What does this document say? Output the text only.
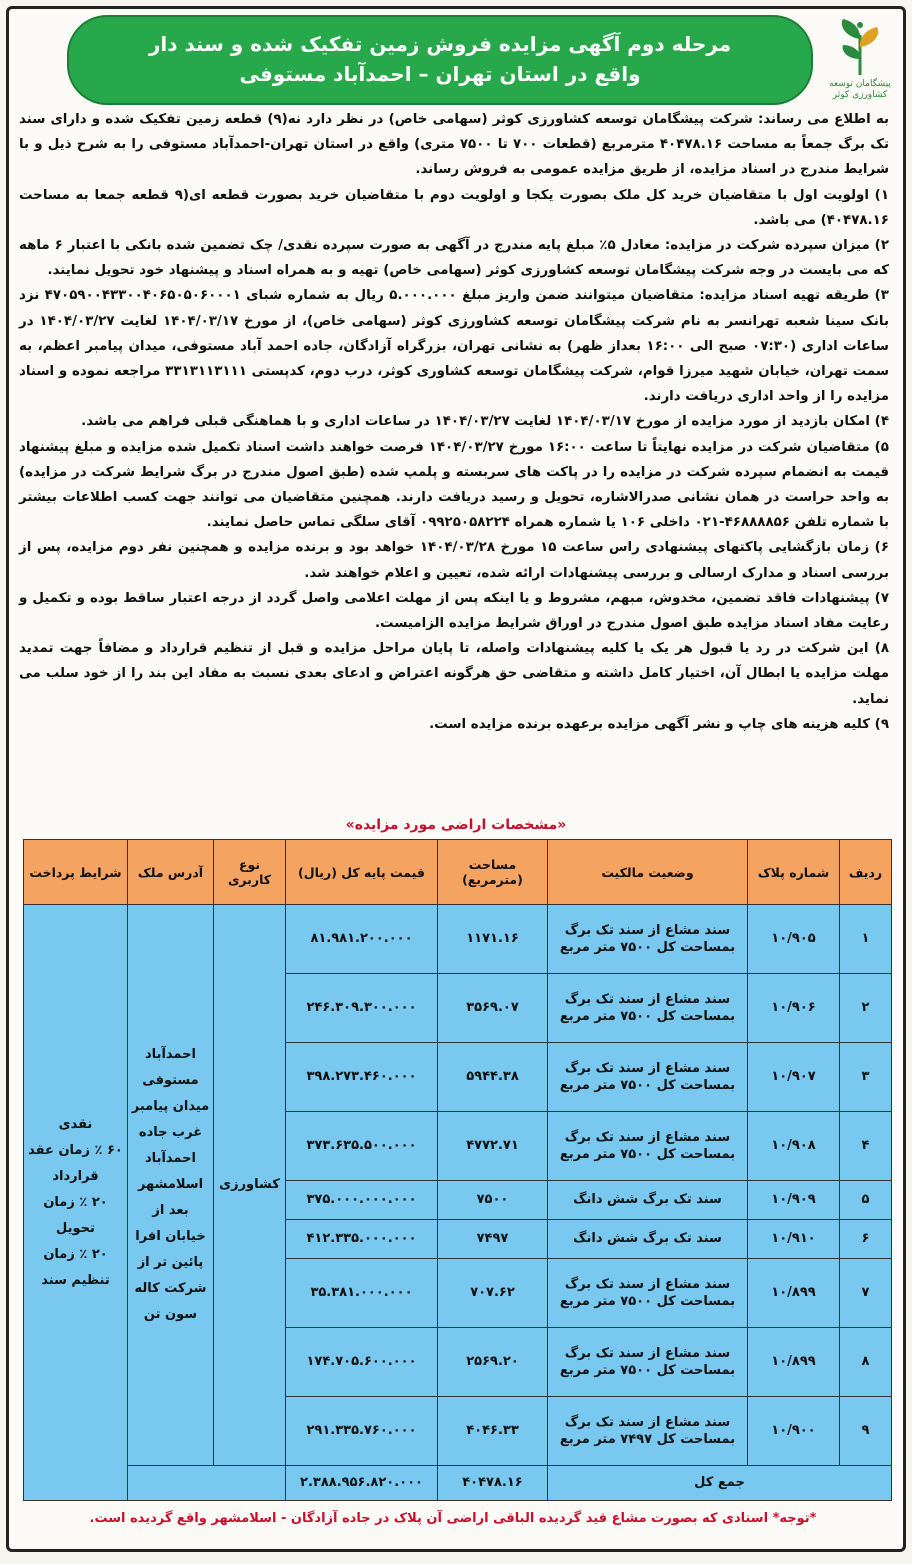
مرحله دوم آگهی مزایده فروش زمین تفکیک شده و سند دار
واقع در استان تهران – احمدآباد مستوفی	پیشگامان توسعه کشاورزی کوثر

به اطلاع می رساند: شرکت پیشگامان توسعه کشاورزی کوثر (سهامی خاص) در نظر دارد نه(۹) قطعه زمین تفکیک شده و دارای سند تک برگ جمعاً به مساحت ۴۰۴۷۸.۱۶ مترمربع (قطعات ۷۰۰ تا ۷۵۰۰ متری) واقع در استان تهران-احمدآباد مستوفی را به شرح ذیل و با شرایط مندرج در اسناد مزایده، از طریق مزایده عمومی به فروش رساند.

۱) اولویت اول با متقاضیان خرید کل ملک بصورت یکجا و اولویت دوم با متقاضیان خرید بصورت قطعه ای(۹ قطعه جمعا به مساحت ۴۰۴۷۸.۱۶) می باشد.

۲) میزان سپرده شرکت در مزایده: معادل ۵٪ مبلغ پایه مندرج در آگهی به صورت سپرده نقدی/ چک تضمین شده بانکی با اعتبار ۶ ماهه که می بایست در وجه شرکت پیشگامان توسعه کشاورزی کوثر (سهامی خاص) تهیه و به همراه اسناد و پیشنهاد خود تحویل نمایند.

۳) طریقه تهیه اسناد مزایده: متقاضیان میتوانند ضمن واریز مبلغ ۵.۰۰۰.۰۰۰ ریال به شماره شبای ۴۷۰۵۹۰۰۴۳۳۰۰۴۰۶۵۰۵۰۶۰۰۰۱ نزد بانک سینا شعبه تهرانسر به نام شرکت پیشگامان توسعه کشاورزی کوثر (سهامی خاص)، از مورخ ۱۴۰۴/۰۳/۱۷ لغایت ۱۴۰۴/۰۳/۲۷ در ساعات اداری (۰۷:۳۰ صبح الی ۱۶:۰۰ بعداز ظهر) به نشانی تهران، بزرگراه آزادگان، جاده احمد آباد مستوفی، میدان پیامبر اعظم، به سمت تهران، خیابان شهید میرزا قوام، شرکت پیشگامان توسعه کشاوری کوثر، درب دوم، کدپستی ۳۳۱۳۱۱۳۱۱۱ مراجعه نموده و اسناد مزایده را از واحد اداری دریافت دارند.

۴) امکان بازدید از مورد مزایده از مورخ ۱۴۰۴/۰۳/۱۷ لغایت ۱۴۰۴/۰۳/۲۷ در ساعات اداری و با هماهنگی قبلی فراهم می باشد.

۵) متقاضیان شرکت در مزایده نهایتاً تا ساعت ۱۶:۰۰ مورخ ۱۴۰۴/۰۳/۲۷ فرصت خواهند داشت اسناد تکمیل شده مزایده و مبلغ پیشنهاد قیمت به انضمام سپرده شرکت در مزایده را در پاکت های سربسته و پلمپ شده (طبق اصول مندرج در برگ شرایط شرکت در مزایده) به واحد حراست در همان نشانی صدرالاشاره، تحویل و رسید دریافت دارند. همچنین متقاضیان می توانند جهت کسب اطلاعات بیشتر با شماره تلفن ۴۶۸۸۸۸۵۶-۰۲۱ داخلی ۱۰۶ یا شماره همراه ۰۹۹۲۵۰۵۸۲۲۴ آقای سلگی تماس حاصل نمایند.

۶) زمان بازگشایی پاکتهای پیشنهادی راس ساعت ۱۵ مورخ ۱۴۰۴/۰۳/۲۸ خواهد بود و برنده مزایده و همچنین نفر دوم مزایده، پس از بررسی اسناد و مدارک ارسالی و بررسی پیشنهادات ارائه شده، تعیین و اعلام خواهند شد.

۷) پیشنهادات فاقد تضمین، مخدوش، مبهم، مشروط و یا اینکه پس از مهلت اعلامی واصل گردد از درجه اعتبار ساقط بوده و تکمیل و رعایت مفاد اسناد مزایده طبق اصول مندرج در اوراق شرایط مزایده الزامیست.

۸) این شرکت در رد یا قبول هر یک یا کلیه پیشنهادات واصله، تا پایان مراحل مزایده و قبل از تنظیم قرارداد و مضافاً جهت تمدید مهلت مزایده یا ابطال آن، اختیار کامل داشته و متقاضی حق هرگونه اعتراض و ادعای بعدی نسبت به مفاد این بند را از خود سلب می نماید.

۹) کلیه هزینه های چاپ و نشر آگهی مزایده برعهده برنده مزایده است.

«مشخصات اراضی مورد مزایده»
ردیف	شماره پلاک	وضعیت مالکیت	مساحت (مترمربع)	قیمت پایه کل (ریال)	نوع کاربری	آدرس ملک	شرایط پرداخت
۱	۱۰/۹۰۵	سند مشاع از سند تک برگ بمساحت کل ۷۵۰۰ متر مربع	۱۱۷۱.۱۶	۸۱.۹۸۱.۲۰۰.۰۰۰	کشاورزی	احمدآباد مستوفی میدان پیامبر غرب جاده احمدآباد اسلامشهر بعد از خیابان افرا پائین تر از شرکت کاله سون تن	نقدی
۶۰ ٪ زمان عقد قرارداد
۲۰ ٪ زمان تحویل
۲۰ ٪ زمان تنظیم سند

۲	۱۰/۹۰۶	سند مشاع از سند تک برگ بمساحت کل ۷۵۰۰ متر مربع	۳۵۶۹.۰۷	۲۴۶.۳۰۹.۳۰۰.۰۰۰			
۳	۱۰/۹۰۷	سند مشاع از سند تک برگ بمساحت کل ۷۵۰۰ متر مربع	۵۹۴۴.۳۸	۳۹۸.۲۷۳.۴۶۰.۰۰۰			
۴	۱۰/۹۰۸	سند مشاع از سند تک برگ بمساحت کل ۷۵۰۰ متر مربع	۴۷۷۲.۷۱	۳۷۳.۶۳۵.۵۰۰.۰۰۰			
۵	۱۰/۹۰۹	سند تک برگ شش دانگ	۷۵۰۰	۳۷۵.۰۰۰.۰۰۰.۰۰۰			
۶	۱۰/۹۱۰	سند تک برگ شش دانگ	۷۴۹۷	۴۱۲.۳۳۵.۰۰۰.۰۰۰			
۷	۱۰/۸۹۹	سند مشاع از سند تک برگ بمساحت کل ۷۵۰۰ متر مربع	۷۰۷.۶۲	۳۵.۳۸۱.۰۰۰.۰۰۰			
۸	۱۰/۸۹۹	سند مشاع از سند تک برگ بمساحت کل ۷۵۰۰ متر مربع	۲۵۶۹.۲۰	۱۷۴.۷۰۵.۶۰۰.۰۰۰			
۹	۱۰/۹۰۰	سند مشاع از سند تک برگ بمساحت کل ۷۴۹۷ متر مربع	۴۰۴۶.۳۳	۲۹۱.۳۳۵.۷۶۰.۰۰۰			
جمع کل			۴۰۴۷۸.۱۶	۲.۳۸۸.۹۵۶.۸۲۰.۰۰۰			
*توجه* اسنادی که بصورت مشاع قید گردیده الباقی اراضی آن پلاک در جاده آزادگان - اسلامشهر واقع گردیده است.
